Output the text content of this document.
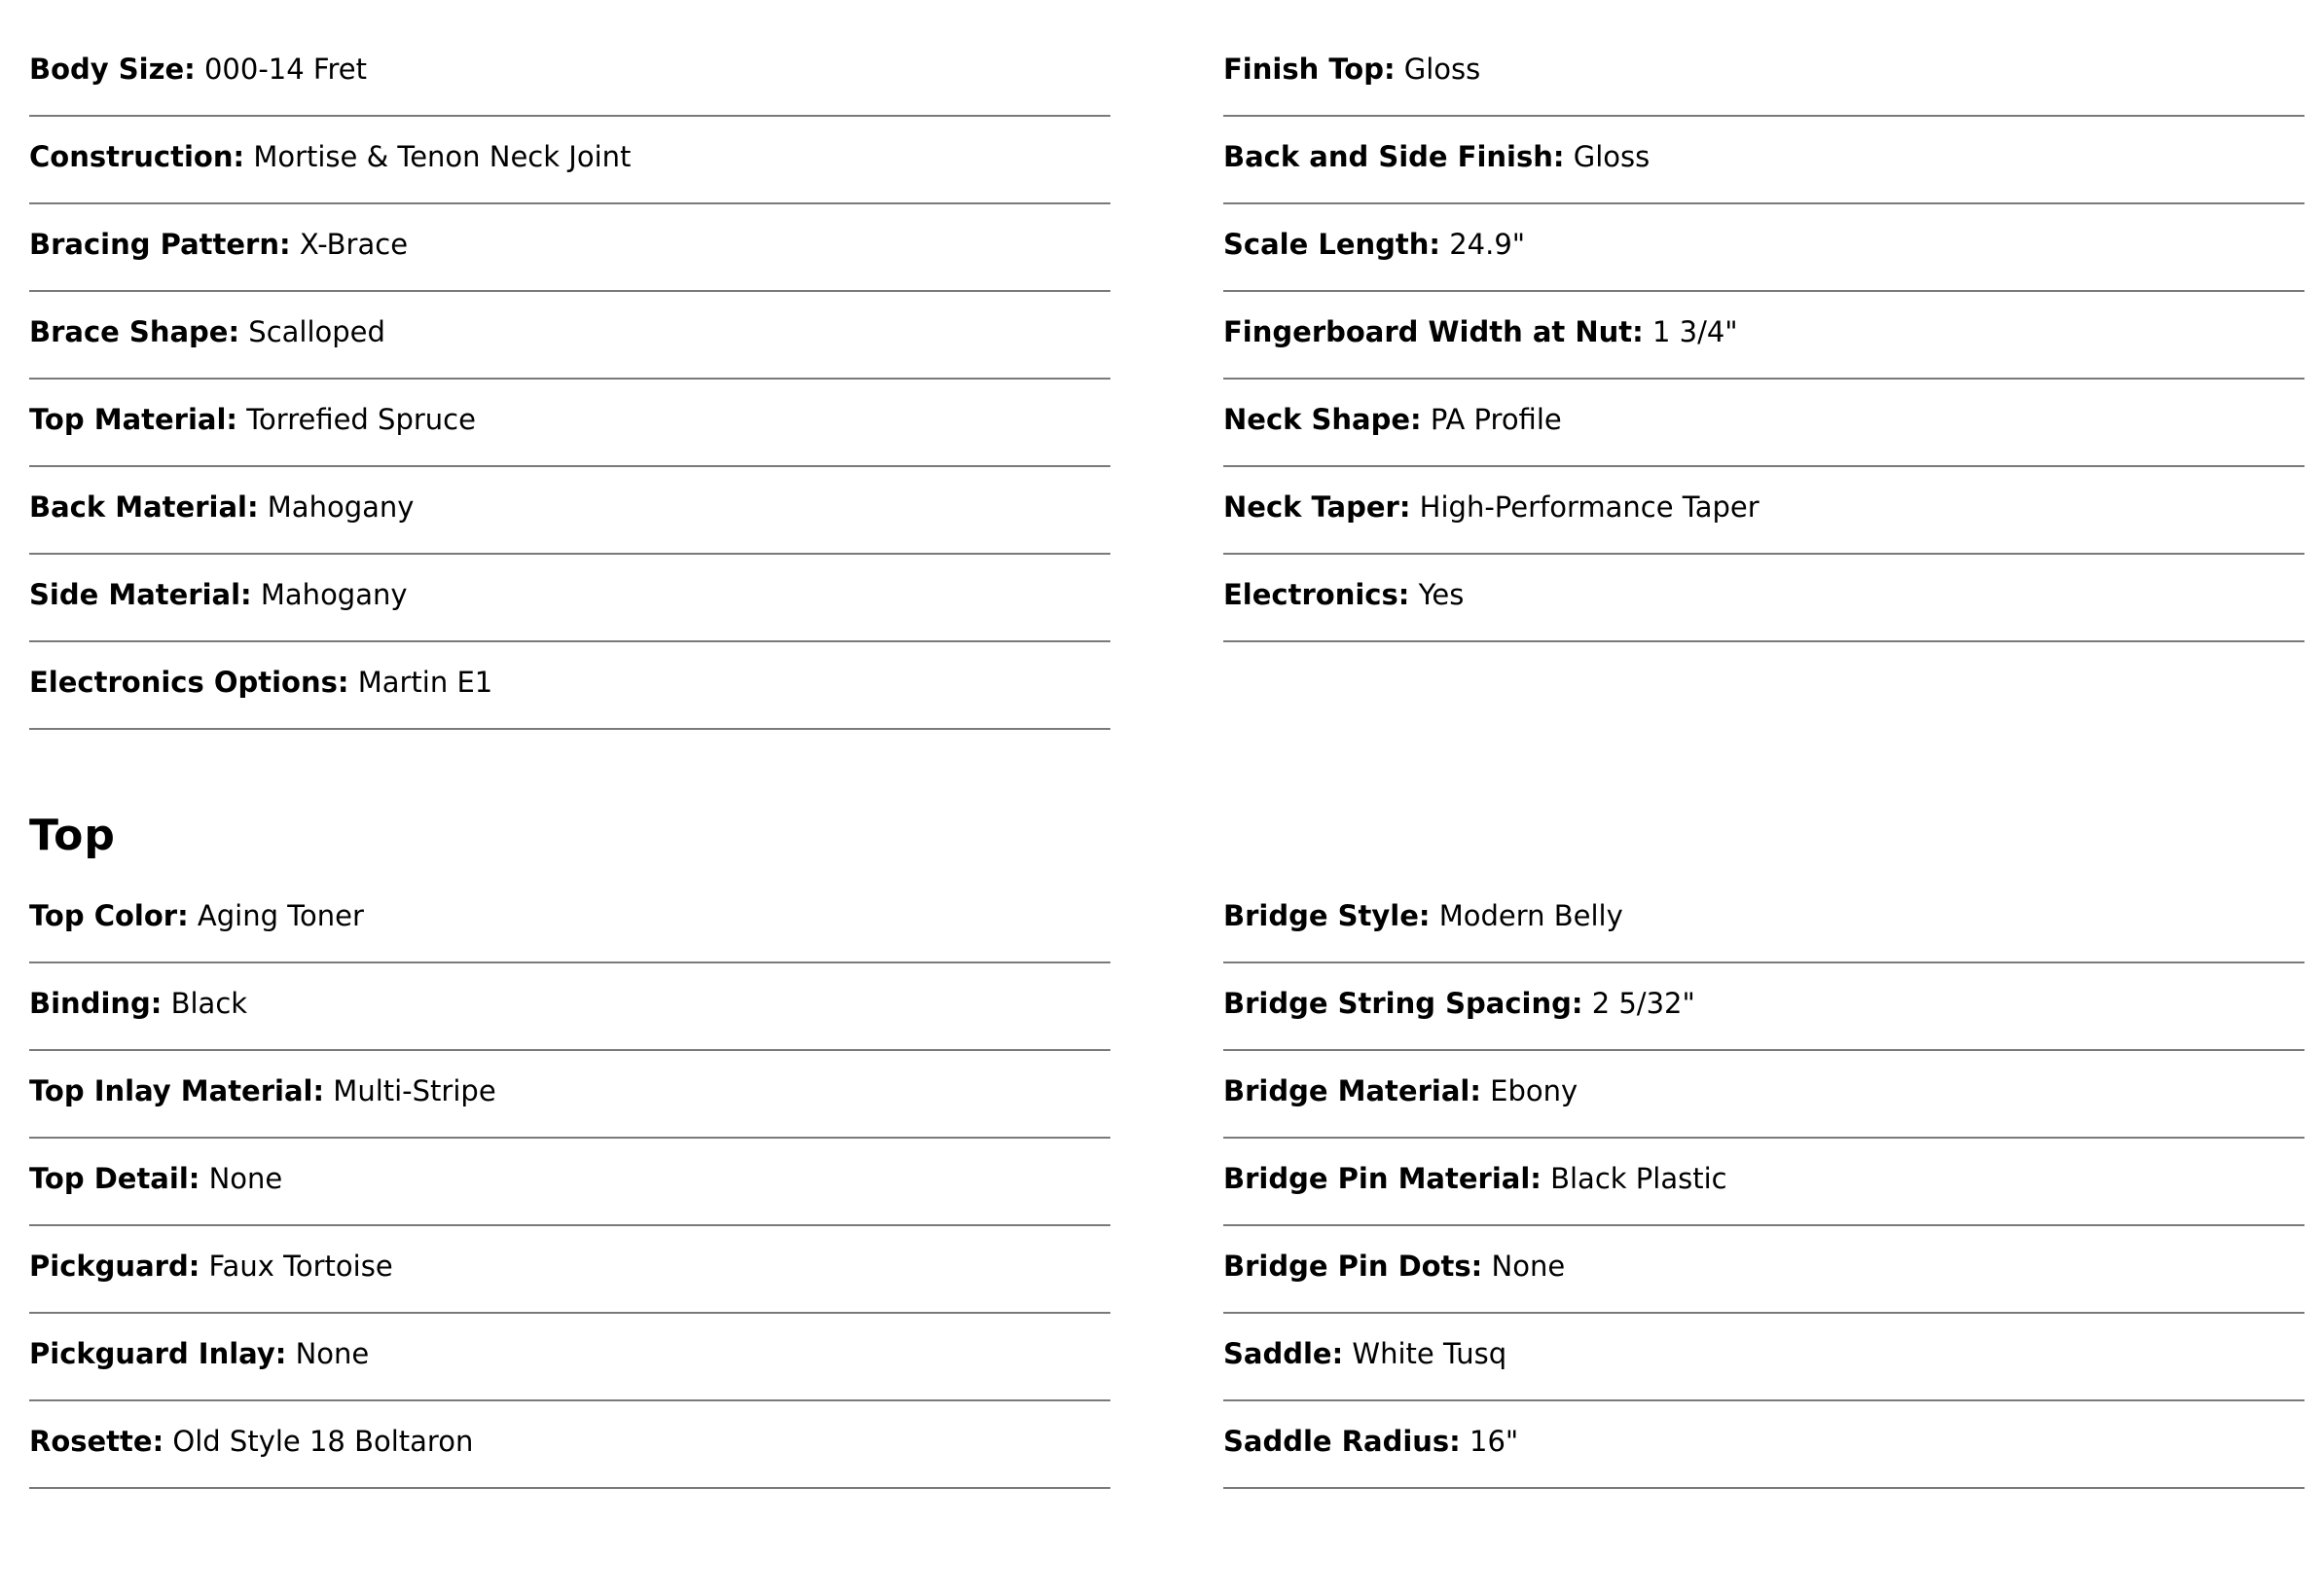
Body Size:
000-14 Fret
Construction:
Mortise & Tenon Neck Joint
Bracing Pattern:
X-Brace
Brace Shape:
Scalloped
Top Material:
Torrefied Spruce
Back Material:
Mahogany
Side Material:
Mahogany
Electronics Options:
Martin E1
Finish Top:
Gloss
Back and Side Finish:
Gloss
Scale Length:
24.9"
Fingerboard Width at Nut:
1 3/4"
Neck Shape:
PA Profile
Neck Taper:
High-Performance Taper
Electronics:
Yes
Top
Top Color:
Aging Toner
Binding:
Black
Top Inlay Material:
Multi-Stripe
Top Detail:
None
Pickguard:
Faux Tortoise
Pickguard Inlay:
None
Rosette:
Old Style 18 Boltaron
Bridge Style:
Modern Belly
Bridge String Spacing:
2 5/32"
Bridge Material:
Ebony
Bridge Pin Material:
Black Plastic
Bridge Pin Dots:
None
Saddle:
White Tusq
Saddle Radius:
16"
